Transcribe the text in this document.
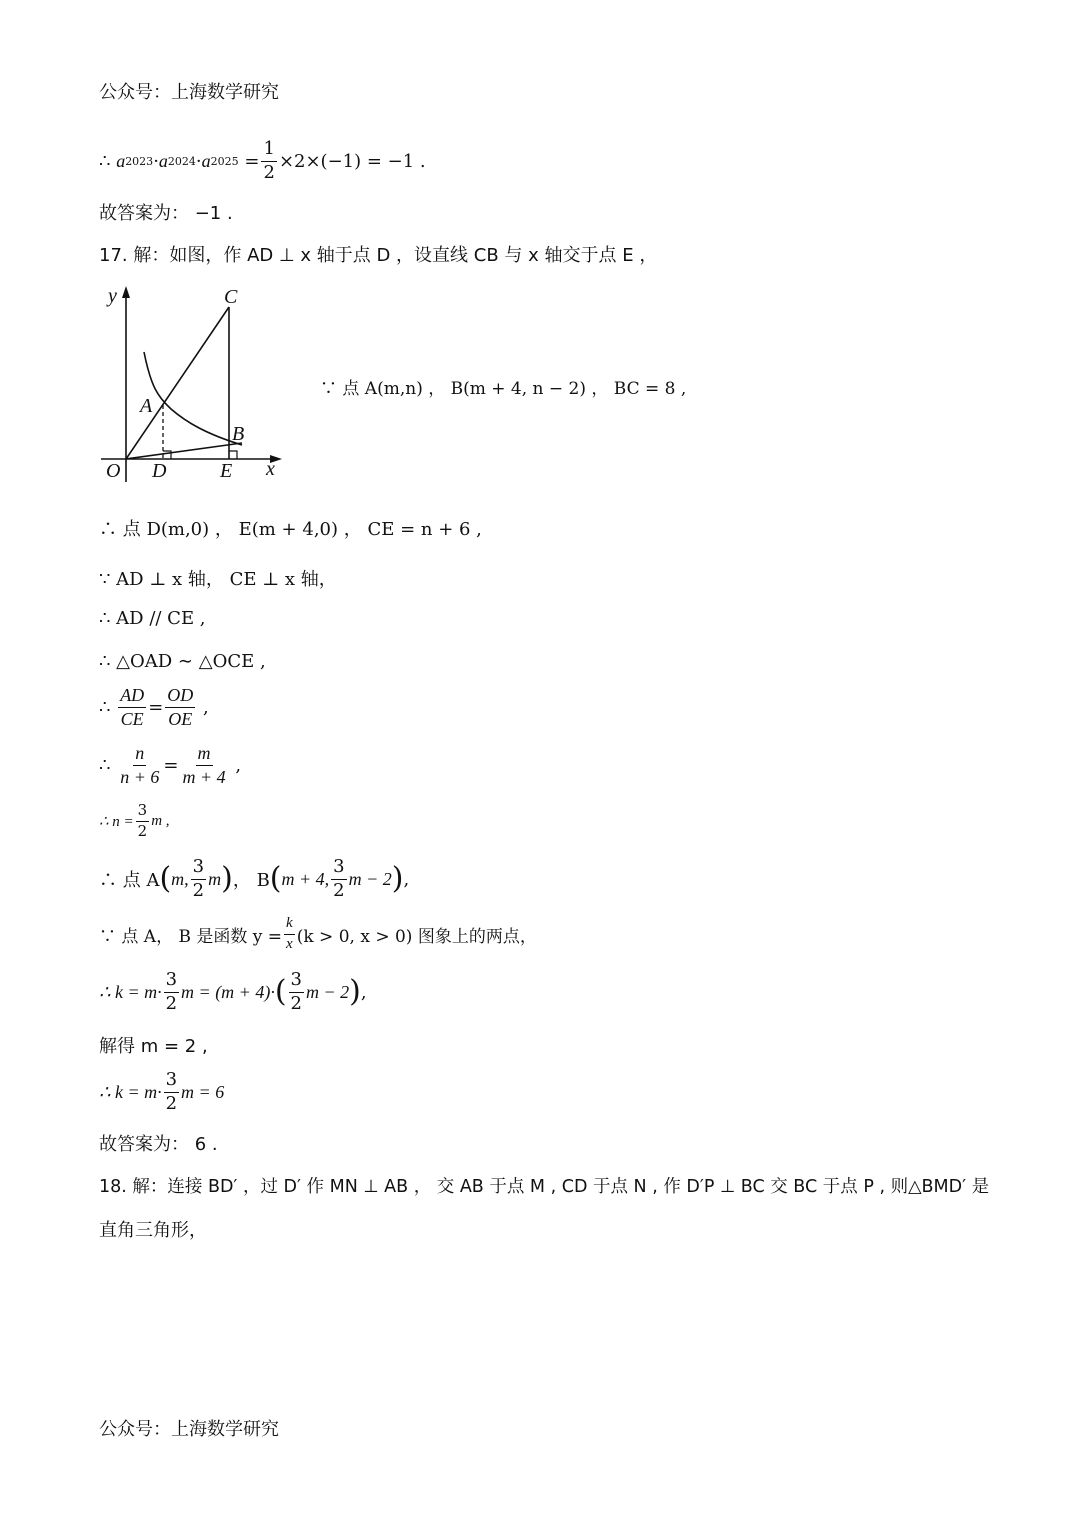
公众号：上海数学研究
∴
a 2023 · a 2024 · a 2025
= $\frac{1}{2} \times 2\times(-1) = -1$ .
故答案为： −1 .
17. 解：如图，作 AD ⊥ x 轴于点 D ，设直线 CB 与 x 轴交于点 E ，
y
x
O
A
B
C
D	E
∵ 点 A(m,n) ， B(m + 4, n − 2) ， BC = 8 ,
∴ 点 D(m,0) ， E(m + 4,0) ， CE = n + 6 ,
∵ AD ⊥ x 轴， CE ⊥ x 轴，
∴ AD // CE ,
∴ △OAD ∼ △OCE ,
∴
$\frac{AD}{CE} = \frac{OD}{OE}$
,
∴
$\frac{n}{n + 6} = \frac{m}{m + 4}$
,
∴ $n = \frac{3}{2}$ m ,
∴ 点 A ( m, $\frac{3}{2}$ m ) ， B ( m + 4, $\frac{3}{2}$ m − 2 ) ,
∵ 点 A， B 是函数 $y = \frac{k}{x} (k > 0$, x > 0) 图象上的两点，
∴ $k = m\cdot \frac{3}{2}$ m = (m + 4)· ( $\frac{3}{2}$ m − 2 ) ,
解得 m = 2 ,
∴ $k = m\cdot \frac{3}{2}$ m = 6
故答案为： 6 .
18. 解：连接 BD′ ，过 D′ 作 MN ⊥ AB ， 交 AB 于点 M , CD 于点 N , 作 D′P ⊥ BC 交 BC 于点 P , 则△BMD′ 是
直角三角形，
公众号：上海数学研究
